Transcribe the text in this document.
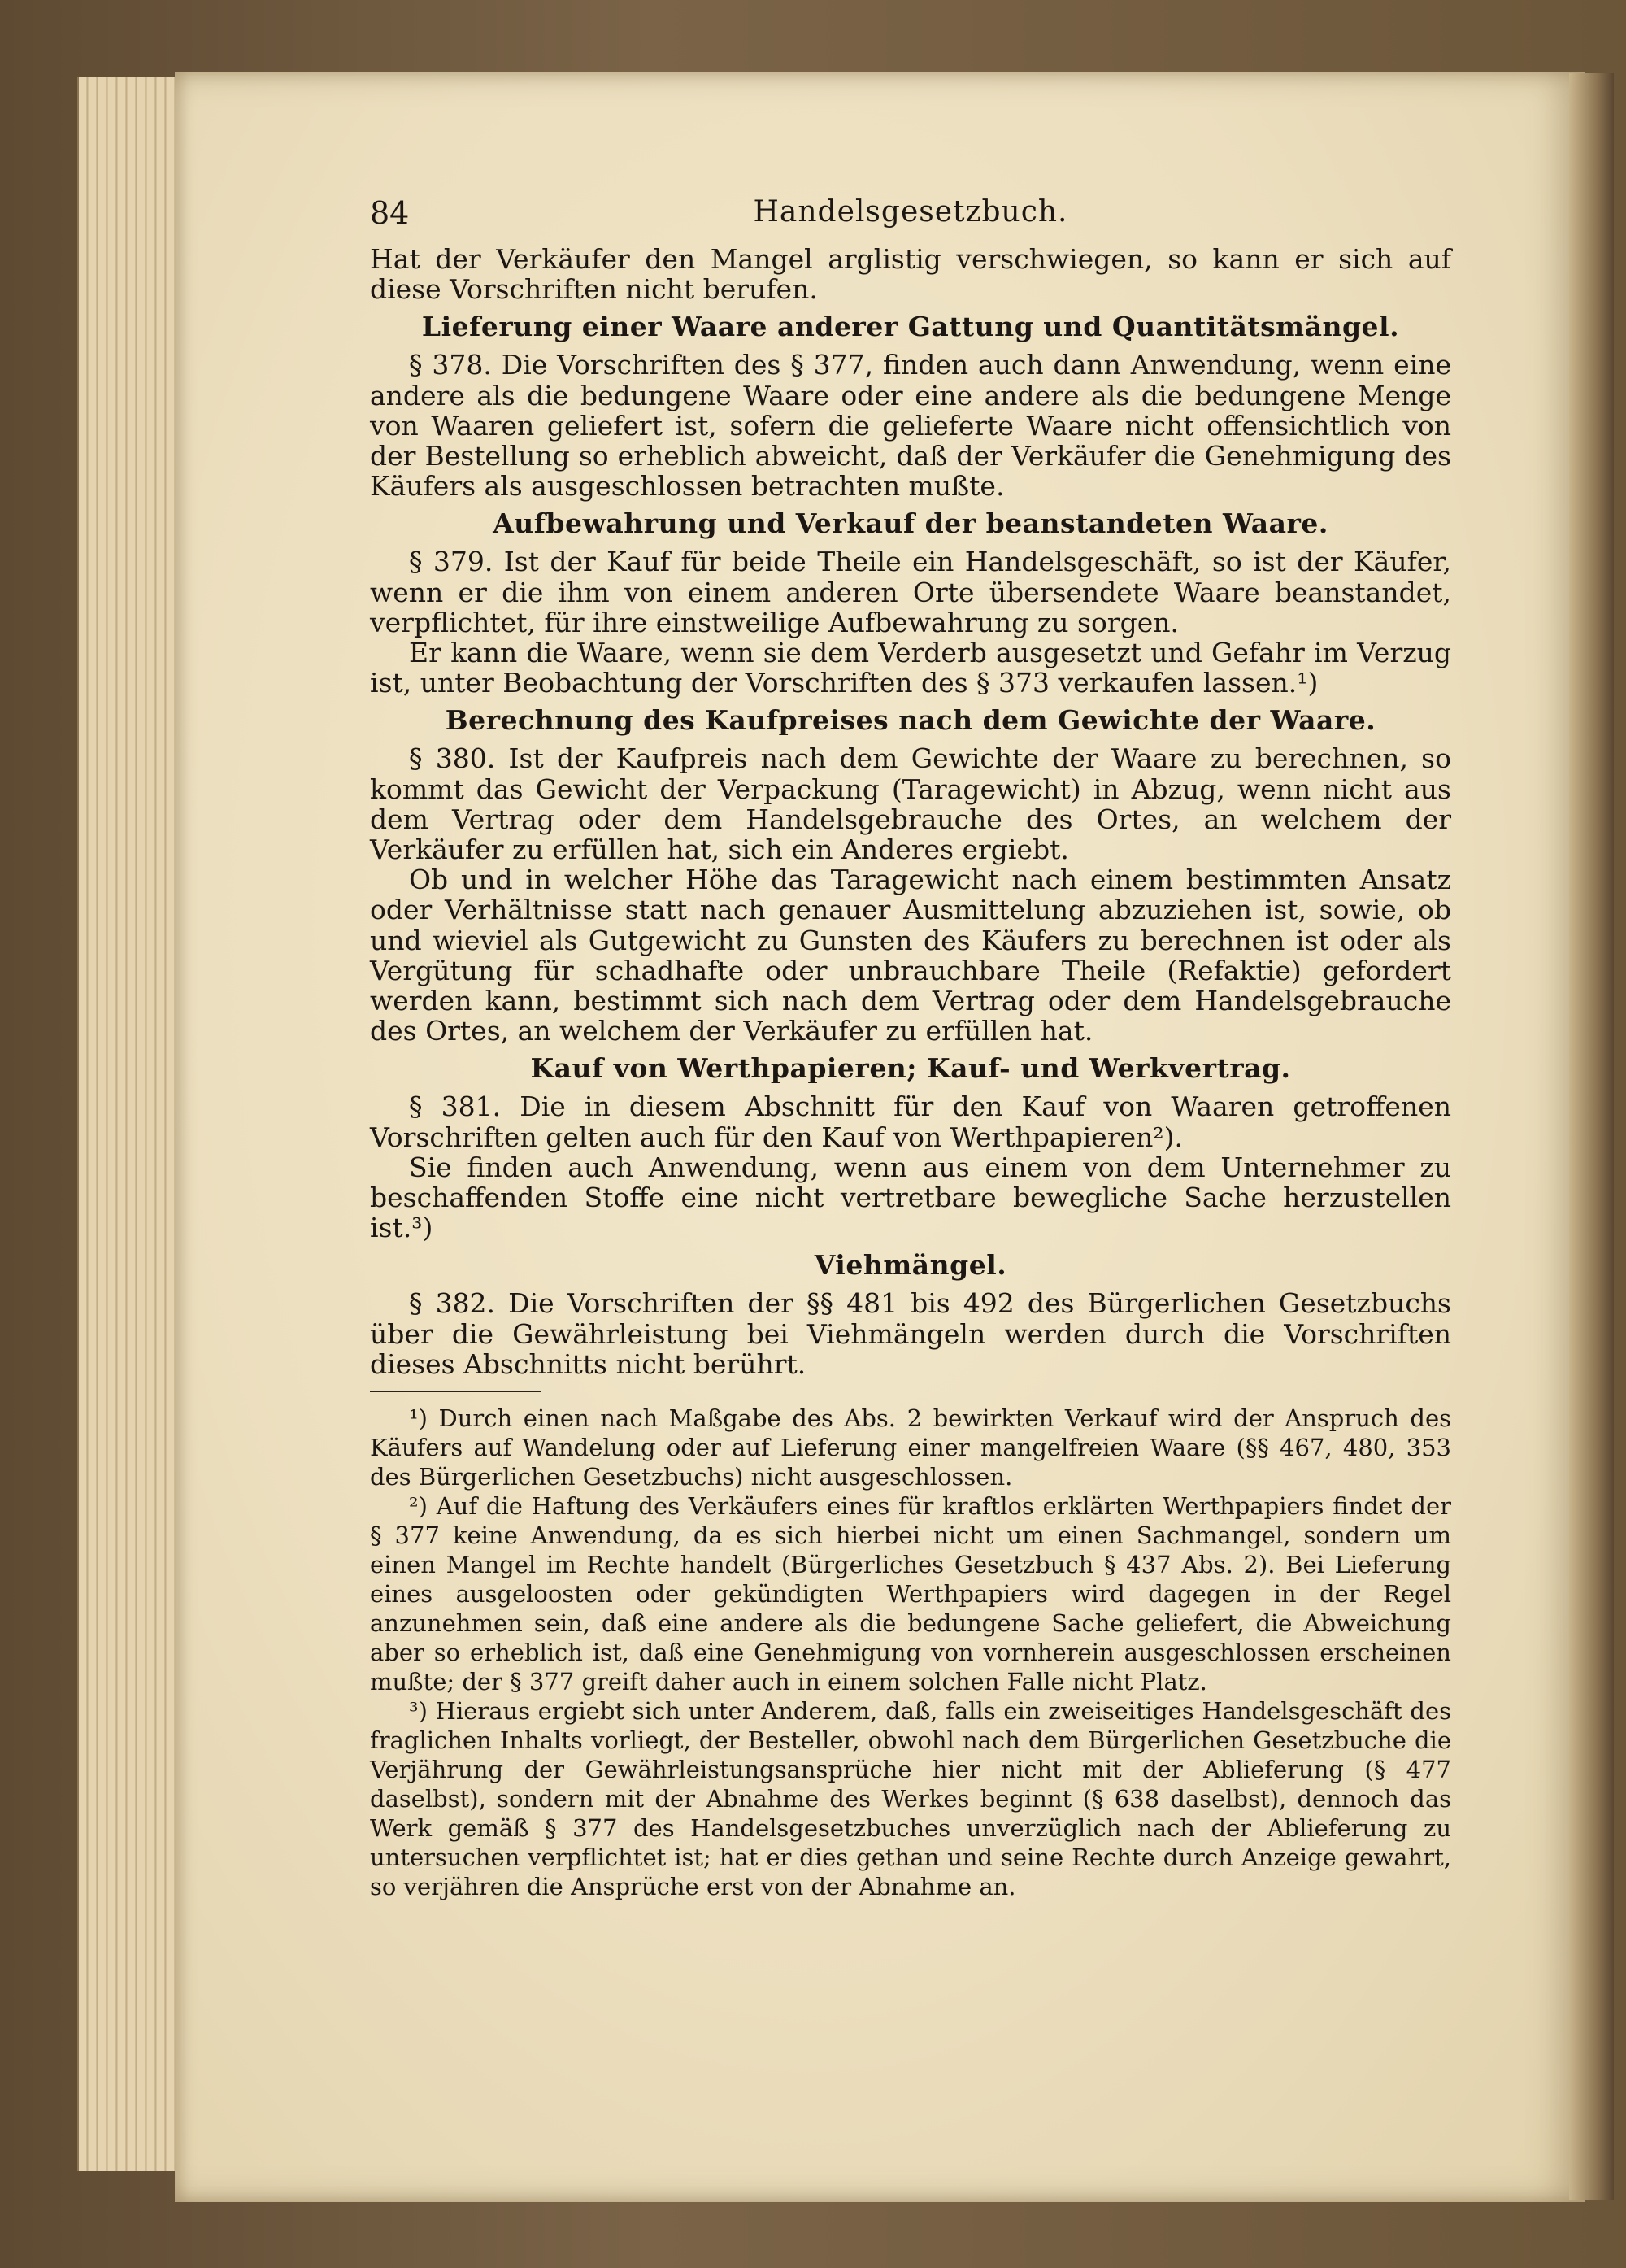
84	Handelsgesetzbuch.

Hat der Verkäufer den Mangel arglistig verschwiegen, so kann er sich auf diese Vorschriften nicht berufen.

Lieferung einer Waare anderer Gattung und Quantitätsmängel.

§ 378. Die Vorschriften des § 377, finden auch dann Anwendung, wenn eine andere als die bedungene Waare oder eine andere als die bedungene Menge von Waaren geliefert ist, sofern die gelieferte Waare nicht offensichtlich von der Bestellung so erheblich abweicht, daß der Verkäufer die Genehmigung des Käufers als ausgeschlossen betrachten mußte.

Aufbewahrung und Verkauf der beanstandeten Waare.

§ 379. Ist der Kauf für beide Theile ein Handelsgeschäft, so ist der Käufer, wenn er die ihm von einem anderen Orte übersendete Waare beanstandet, verpflichtet, für ihre einstweilige Aufbewahrung zu sorgen.

Er kann die Waare, wenn sie dem Verderb ausgesetzt und Gefahr im Verzug ist, unter Beobachtung der Vorschriften des § 373 verkaufen lassen.¹)

Berechnung des Kaufpreises nach dem Gewichte der Waare.

§ 380. Ist der Kaufpreis nach dem Gewichte der Waare zu berechnen, so kommt das Gewicht der Verpackung (Taragewicht) in Abzug, wenn nicht aus dem Vertrag oder dem Handelsgebrauche des Ortes, an welchem der Verkäufer zu erfüllen hat, sich ein Anderes ergiebt.

Ob und in welcher Höhe das Taragewicht nach einem bestimmten Ansatz oder Verhältnisse statt nach genauer Ausmittelung abzuziehen ist, sowie, ob und wieviel als Gutgewicht zu Gunsten des Käufers zu berechnen ist oder als Vergütung für schadhafte oder unbrauchbare Theile (Refaktie) gefordert werden kann, bestimmt sich nach dem Vertrag oder dem Handelsgebrauche des Ortes, an welchem der Verkäufer zu erfüllen hat.

Kauf von Werthpapieren; Kauf- und Werkvertrag.

§ 381. Die in diesem Abschnitt für den Kauf von Waaren getroffenen Vorschriften gelten auch für den Kauf von Werthpapieren²).

Sie finden auch Anwendung, wenn aus einem von dem Unternehmer zu beschaffenden Stoffe eine nicht vertretbare bewegliche Sache herzustellen ist.³)

Viehmängel.

§ 382. Die Vorschriften der §§ 481 bis 492 des Bürgerlichen Gesetzbuchs über die Gewährleistung bei Viehmängeln werden durch die Vorschriften dieses Abschnitts nicht berührt.

¹) Durch einen nach Maßgabe des Abs. 2 bewirkten Verkauf wird der Anspruch des Käufers auf Wandelung oder auf Lieferung einer mangelfreien Waare (§§ 467, 480, 353 des Bürgerlichen Gesetzbuchs) nicht ausgeschlossen.

²) Auf die Haftung des Verkäufers eines für kraftlos erklärten Werthpapiers findet der § 377 keine Anwendung, da es sich hierbei nicht um einen Sachmangel, sondern um einen Mangel im Rechte handelt (Bürgerliches Gesetzbuch § 437 Abs. 2). Bei Lieferung eines ausgeloosten oder gekündigten Werthpapiers wird dagegen in der Regel anzunehmen sein, daß eine andere als die bedungene Sache geliefert, die Abweichung aber so erheblich ist, daß eine Genehmigung von vornherein ausgeschlossen erscheinen mußte; der § 377 greift daher auch in einem solchen Falle nicht Platz.

³) Hieraus ergiebt sich unter Anderem, daß, falls ein zweiseitiges Handelsgeschäft des fraglichen Inhalts vorliegt, der Besteller, obwohl nach dem Bürgerlichen Gesetzbuche die Verjährung der Gewährleistungsansprüche hier nicht mit der Ablieferung (§ 477 daselbst), sondern mit der Abnahme des Werkes beginnt (§ 638 daselbst), dennoch das Werk gemäß § 377 des Handelsgesetzbuches unverzüglich nach der Ablieferung zu untersuchen verpflichtet ist; hat er dies gethan und seine Rechte durch Anzeige gewahrt, so verjähren die Ansprüche erst von der Abnahme an.
